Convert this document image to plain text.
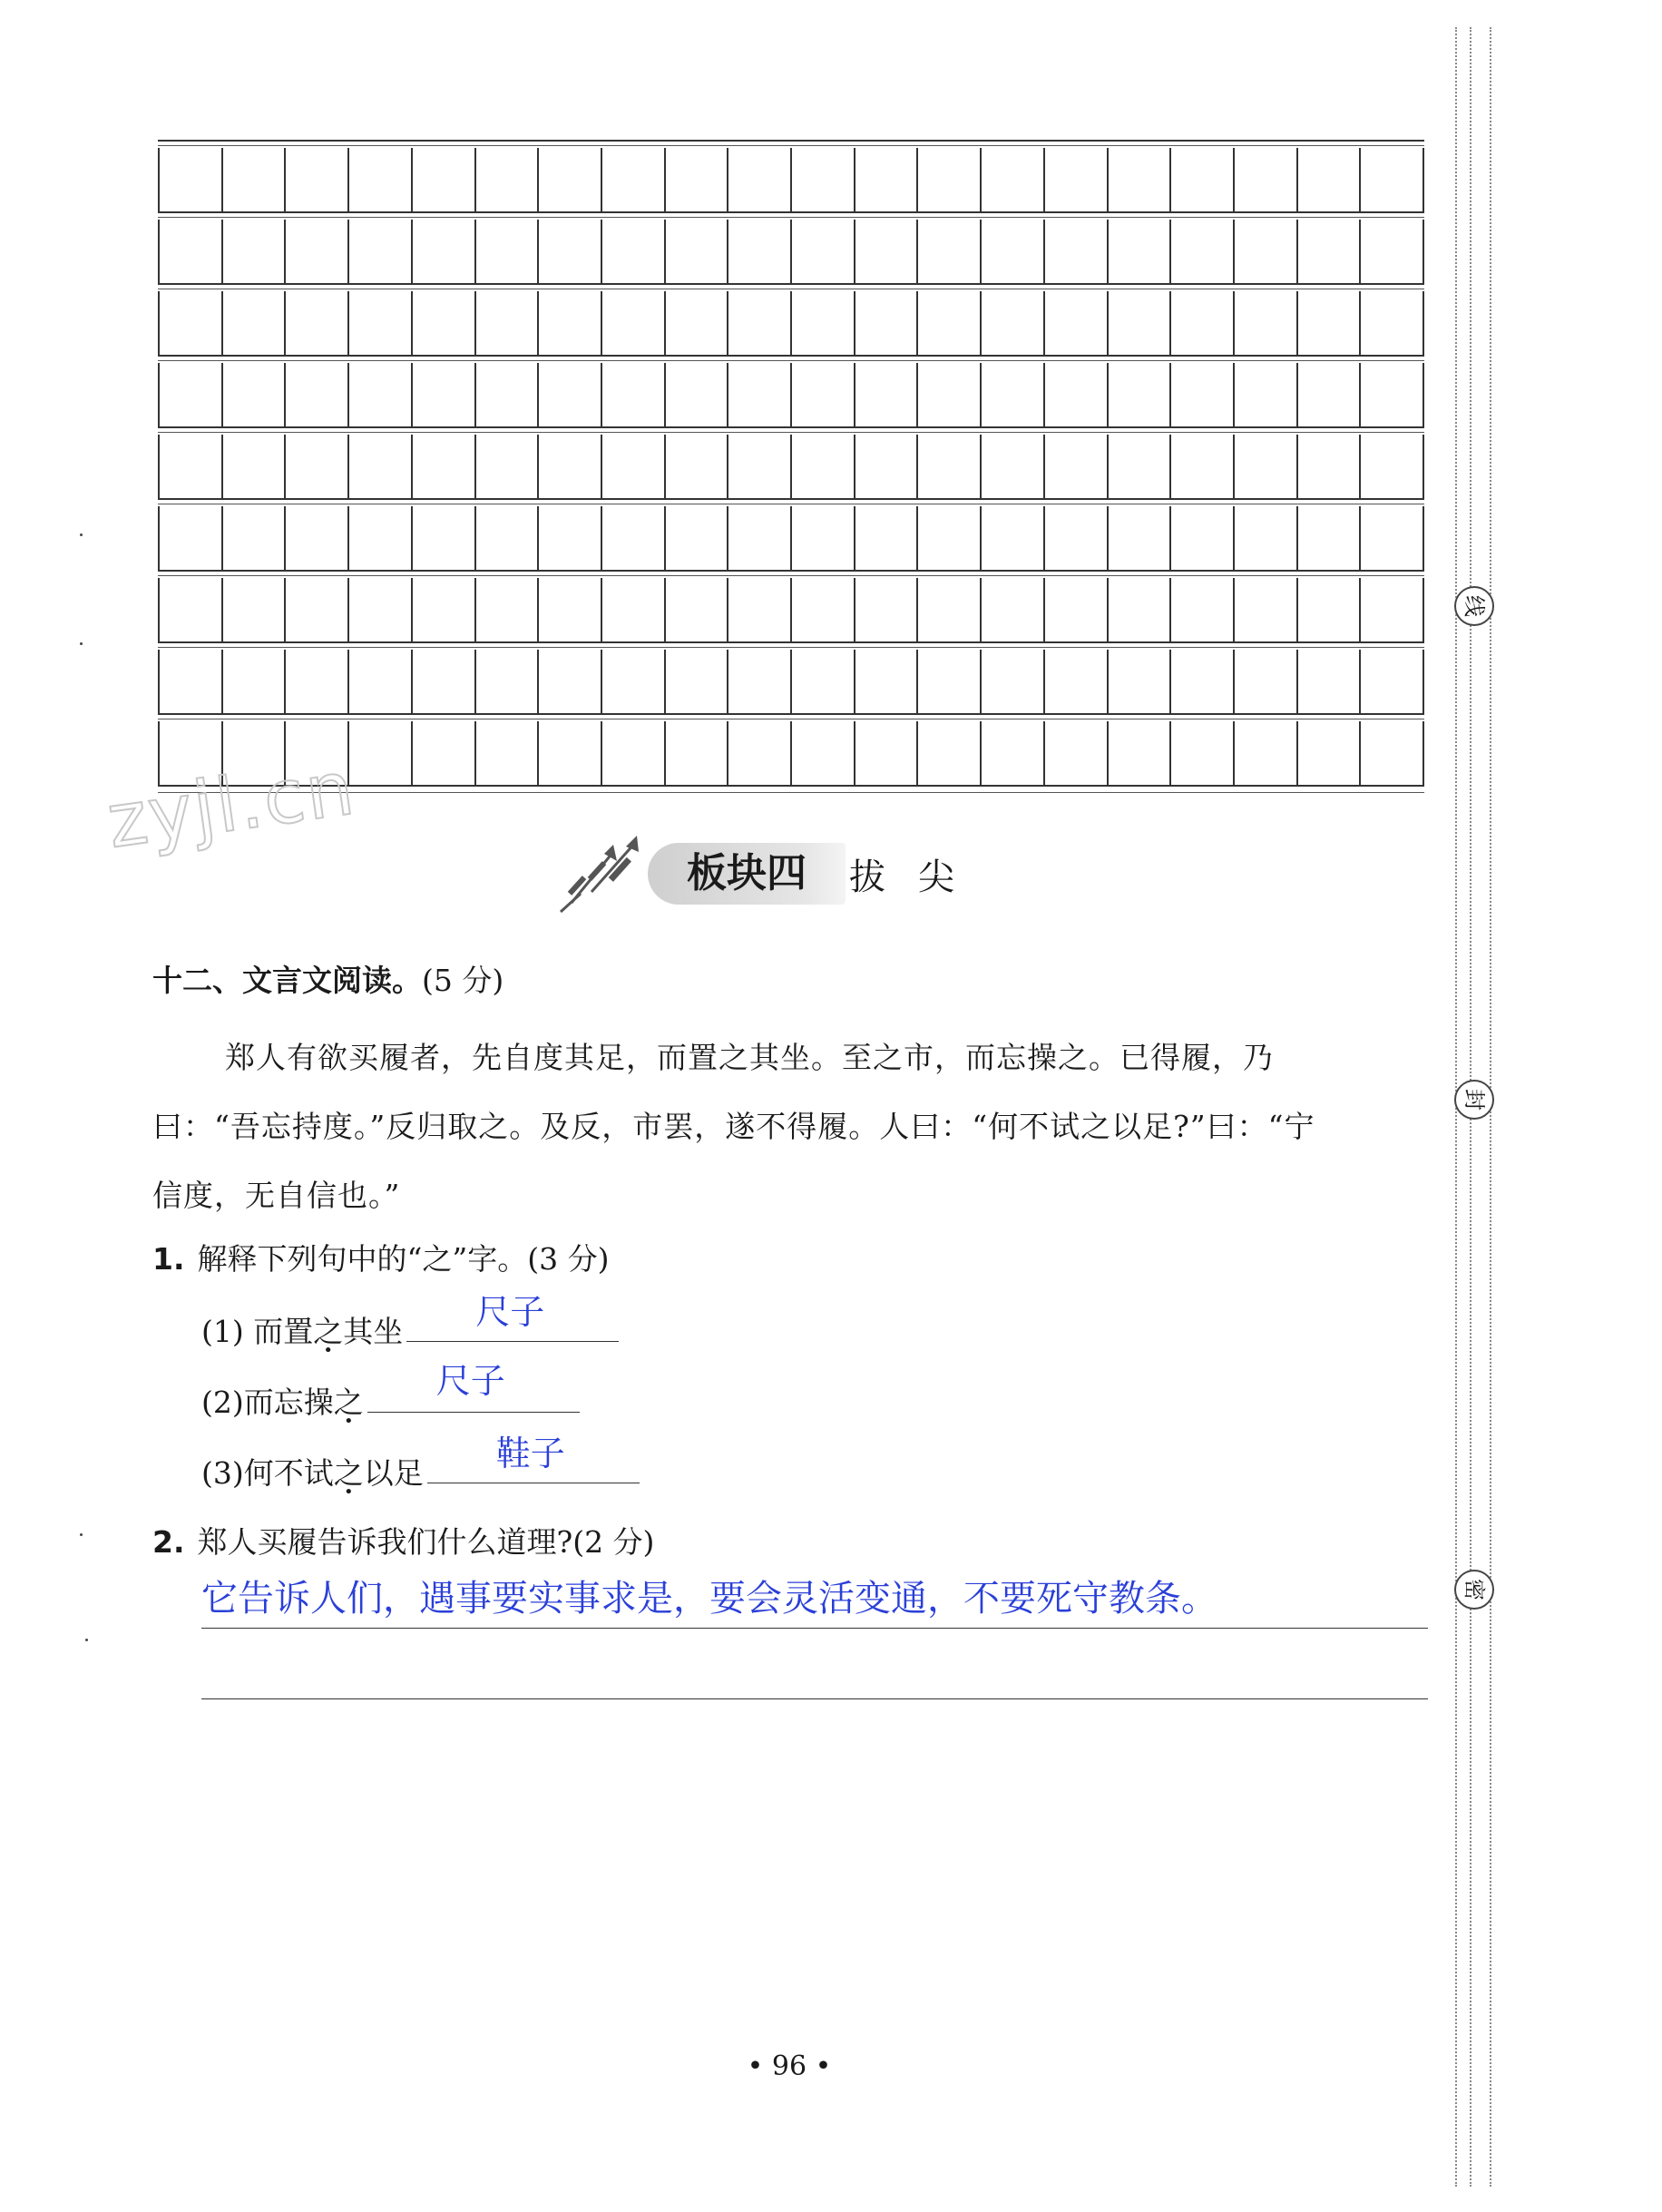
zyjl.cn
板块四	拔尖
十二、文言文阅读。(5 分)

郑人有欲买履者，先自度其足，而置之其坐。至之市，而忘操之。已得履，乃

曰：“吾忘持度。”反归取之。及反，市罢，遂不得履。人曰：“何不试之以足?”曰：“宁

信度，无自信也。”

1. 解释下列句中的“之”字。(3 分)
(1) 而置之其坐 尺子
(2)而忘操之
尺子
(3)何不试之以足 鞋子
2. 郑人买履告诉我们什么道理?(2 分)
它告诉人们，遇事要实事求是，要会灵活变通，不要死守教条。
• 96 •
线
封
密
